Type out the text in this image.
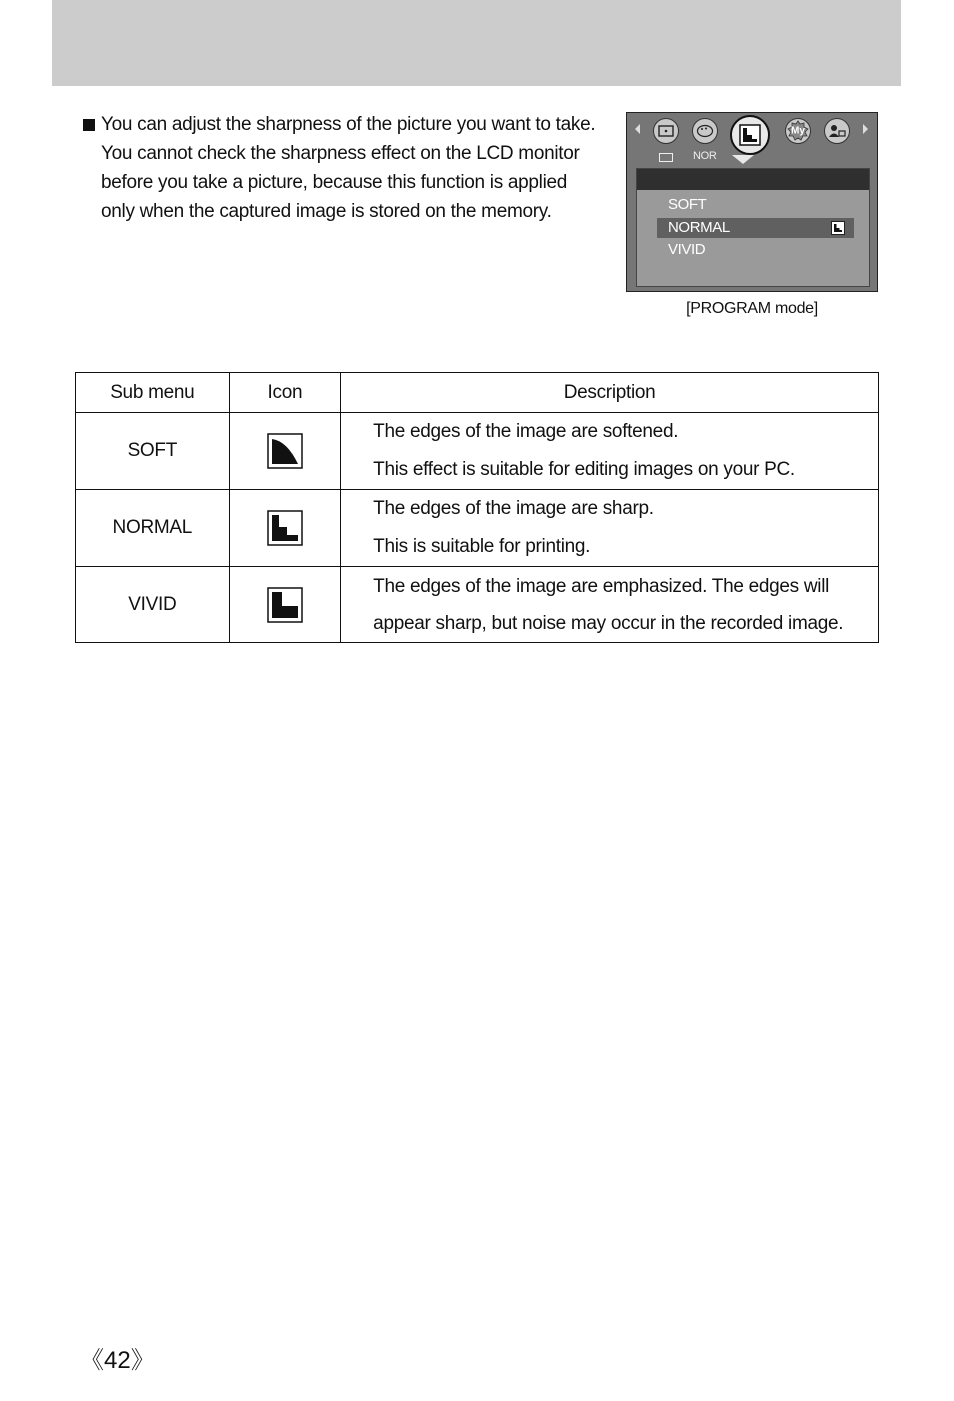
You can adjust the sharpness of the picture you want to take.
You cannot check the sharpness effect on the LCD monitor
before you take a picture, because this function is applied
only when the captured image is stored on the memory.
My
NOR
SOFT
NORMAL
VIVID
[PROGRAM mode]
Sub menu	Icon	Description
SOFT		The edges of the image are softened.
This effect is suitable for editing images on your PC.

NORMAL		The edges of the image are sharp.
This is suitable for printing.

VIVID		The edges of the image are emphasized. The edges will
appear sharp, but noise may occur in the recorded image.
《42》
